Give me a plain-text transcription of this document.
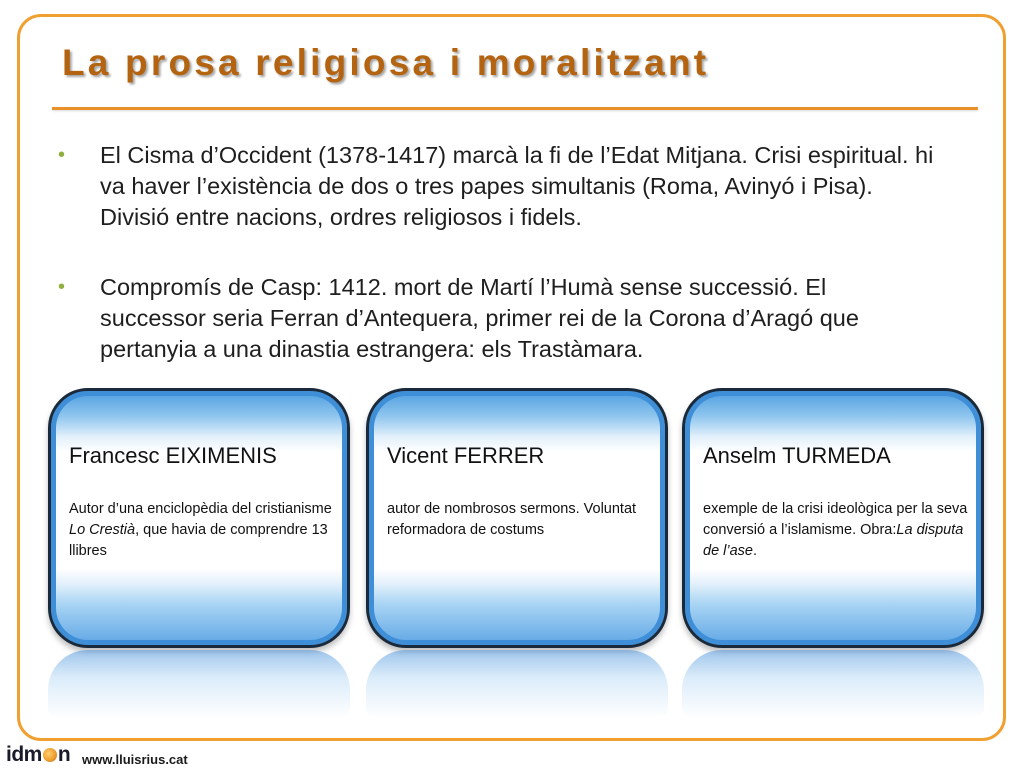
La prosa religiosa i moralitzant
• El Cisma d’Occident (1378-1417) marcà la fi de l’Edat Mitjana. Crisi espiritual. hi va haver l’existència de dos o tres papes simultanis (Roma, Avinyó i Pisa). Divisió entre nacions, ordres religiosos i fidels.
• Compromís de Casp: 1412. mort de Martí l’Humà sense successió. El successor seria Ferran d’Antequera, primer rei de la Corona d’Aragó que pertanyia a una dinastia estrangera: els Trastàmara.
Francesc EIXIMENIS
Autor d’una enciclopèdia del cristianisme Lo Crestià, que havia de comprendre 13 llibres
Vicent FERRER
autor de nombrosos sermons. Voluntat reformadora de costums
Anselm TURMEDA
exemple de la crisi ideològica per la seva conversió a l’islamisme. Obra:La disputa de l’ase.
idm n www.lluisrius.cat
